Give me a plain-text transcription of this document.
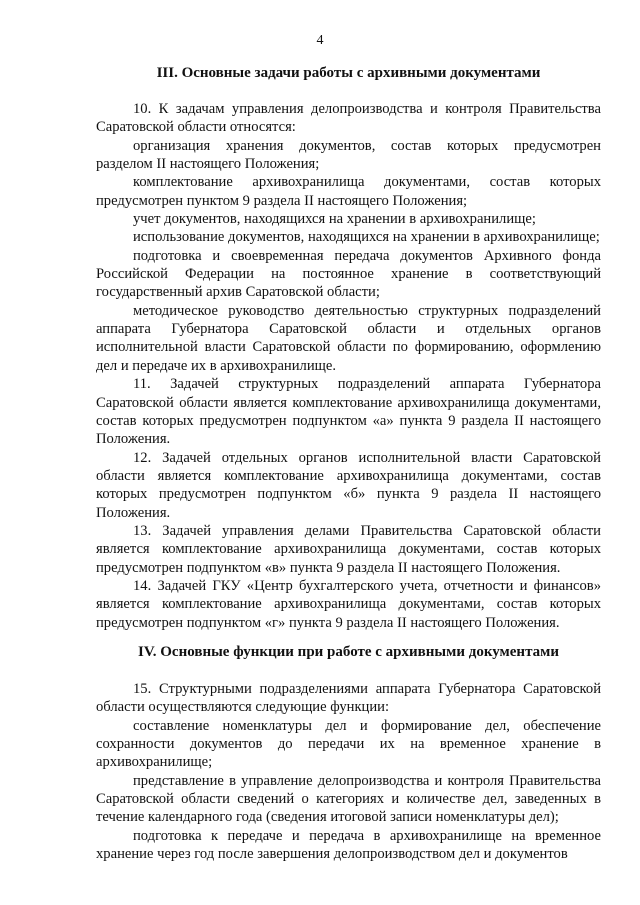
4
III. Основные задачи работы с архивными документами

10. К задачам управления делопроизводства и контроля Правительства Саратовской области относятся:

организация хранения документов, состав которых предусмотрен разделом II настоящего Положения;

комплектование архивохранилища документами, состав которых предусмотрен пунктом 9 раздела II настоящего Положения;

учет документов, находящихся на хранении в архивохранилище;

использование документов, находящихся на хранении в архивохранилище;

подготовка и своевременная передача документов Архивного фонда Российской Федерации на постоянное хранение в соответствующий государственный архив Саратовской области;

методическое руководство деятельностью структурных подразделений аппарата Губернатора Саратовской области и отдельных органов исполнительной власти Саратовской области по формированию, оформлению дел и передаче их в архивохранилище.

11. Задачей структурных подразделений аппарата Губернатора Саратовской области является комплектование архивохранилища документами, состав которых предусмотрен подпунктом «а» пункта 9 раздела II настоящего Положения.

12. Задачей отдельных органов исполнительной власти Саратовской области является комплектование архивохранилища документами, состав которых предусмотрен подпунктом «б» пункта 9 раздела II настоящего Положения.

13. Задачей управления делами Правительства Саратовской области является комплектование архивохранилища документами, состав которых предусмотрен подпунктом «в» пункта 9 раздела II настоящего Положения.

14. Задачей ГКУ «Центр бухгалтерского учета, отчетности и финансов» является комплектование архивохранилища документами, состав которых предусмотрен подпунктом «г» пункта 9 раздела II настоящего Положения.

IV. Основные функции при работе с архивными документами

15. Структурными подразделениями аппарата Губернатора Саратовской области осуществляются следующие функции:

составление номенклатуры дел и формирование дел, обеспечение сохранности документов до передачи их на временное хранение в архивохранилище;

представление в управление делопроизводства и контроля Правительства Саратовской области сведений о категориях и количестве дел, заведенных в течение календарного года (сведения итоговой записи номенклатуры дел);

подготовка к передаче и передача в архивохранилище на временное хранение через год после завершения делопроизводством дел и документов
